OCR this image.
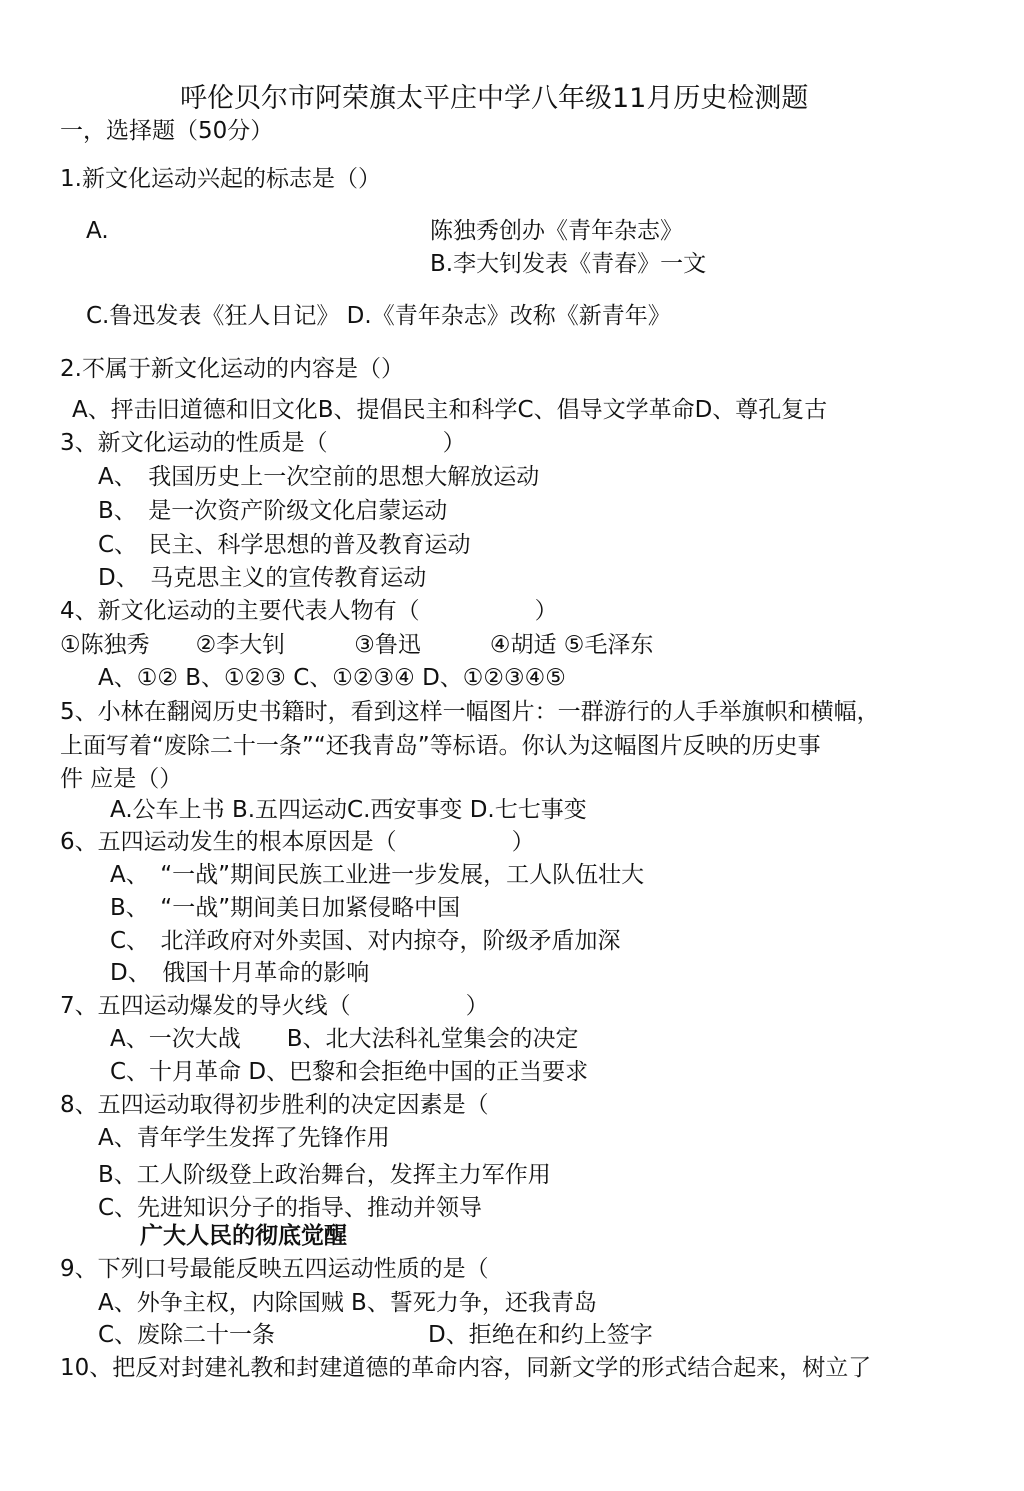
呼伦贝尔市阿荣旗太平庄中学八年级11月历史检测题
一，选择题（50分）
1.新文化运动兴起的标志是（）
A.	陈独秀创办《青年杂志》
B.李大钊发表《青春》一文
C.鲁迅发表《狂人日记》 D.《青年杂志》改称《新青年》
2.不属于新文化运动的内容是（）
A、抨击旧道德和旧文化B、提倡民主和科学C、倡导文学革命D、尊孔复古
3、新文化运动的性质是（　　　　　）
A、　我国历史上一次空前的思想大解放运动
B、　是一次资产阶级文化启蒙运动
C、　民主、科学思想的普及教育运动
D、　马克思主义的宣传教育运动
4、新文化运动的主要代表人物有（　　　　　）
①陈独秀　　②李大钊　　　③鲁迅　　　④胡适 ⑤毛泽东
A、①② B、①②③ C、①②③④ D、①②③④⑤
5、小林在翻阅历史书籍时，看到这样一幅图片：一群游行的人手举旗帜和横幅，
上面写着“废除二十一条”“还我青岛”等标语。你认为这幅图片反映的历史事
件 应是（）
A.公车上书 B.五四运动C.西安事变 D.七七事变
6、五四运动发生的根本原因是（　　　　　）
A、　“一战”期间民族工业进一步发展，工人队伍壮大
B、　“一战”期间美日加紧侵略中国
C、　北洋政府对外卖国、对内掠夺，阶级矛盾加深
D、　俄国十月革命的影响
7、五四运动爆发的导火线（　　　　　）
A、一次大战　　B、北大法科礼堂集会的决定
C、十月革命 D、巴黎和会拒绝中国的正当要求
8、五四运动取得初步胜利的决定因素是（
A、青年学生发挥了先锋作用
B、工人阶级登上政治舞台，发挥主力军作用
C、先进知识分子的指导、推动并领导
广大人民的彻底觉醒
9、下列口号最能反映五四运动性质的是（
A、外争主权，内除国贼 B、誓死力争，还我青岛
C、废除二十一条	D、拒绝在和约上签字
10、把反对封建礼教和封建道德的革命内容，同新文学的形式结合起来，树立了
